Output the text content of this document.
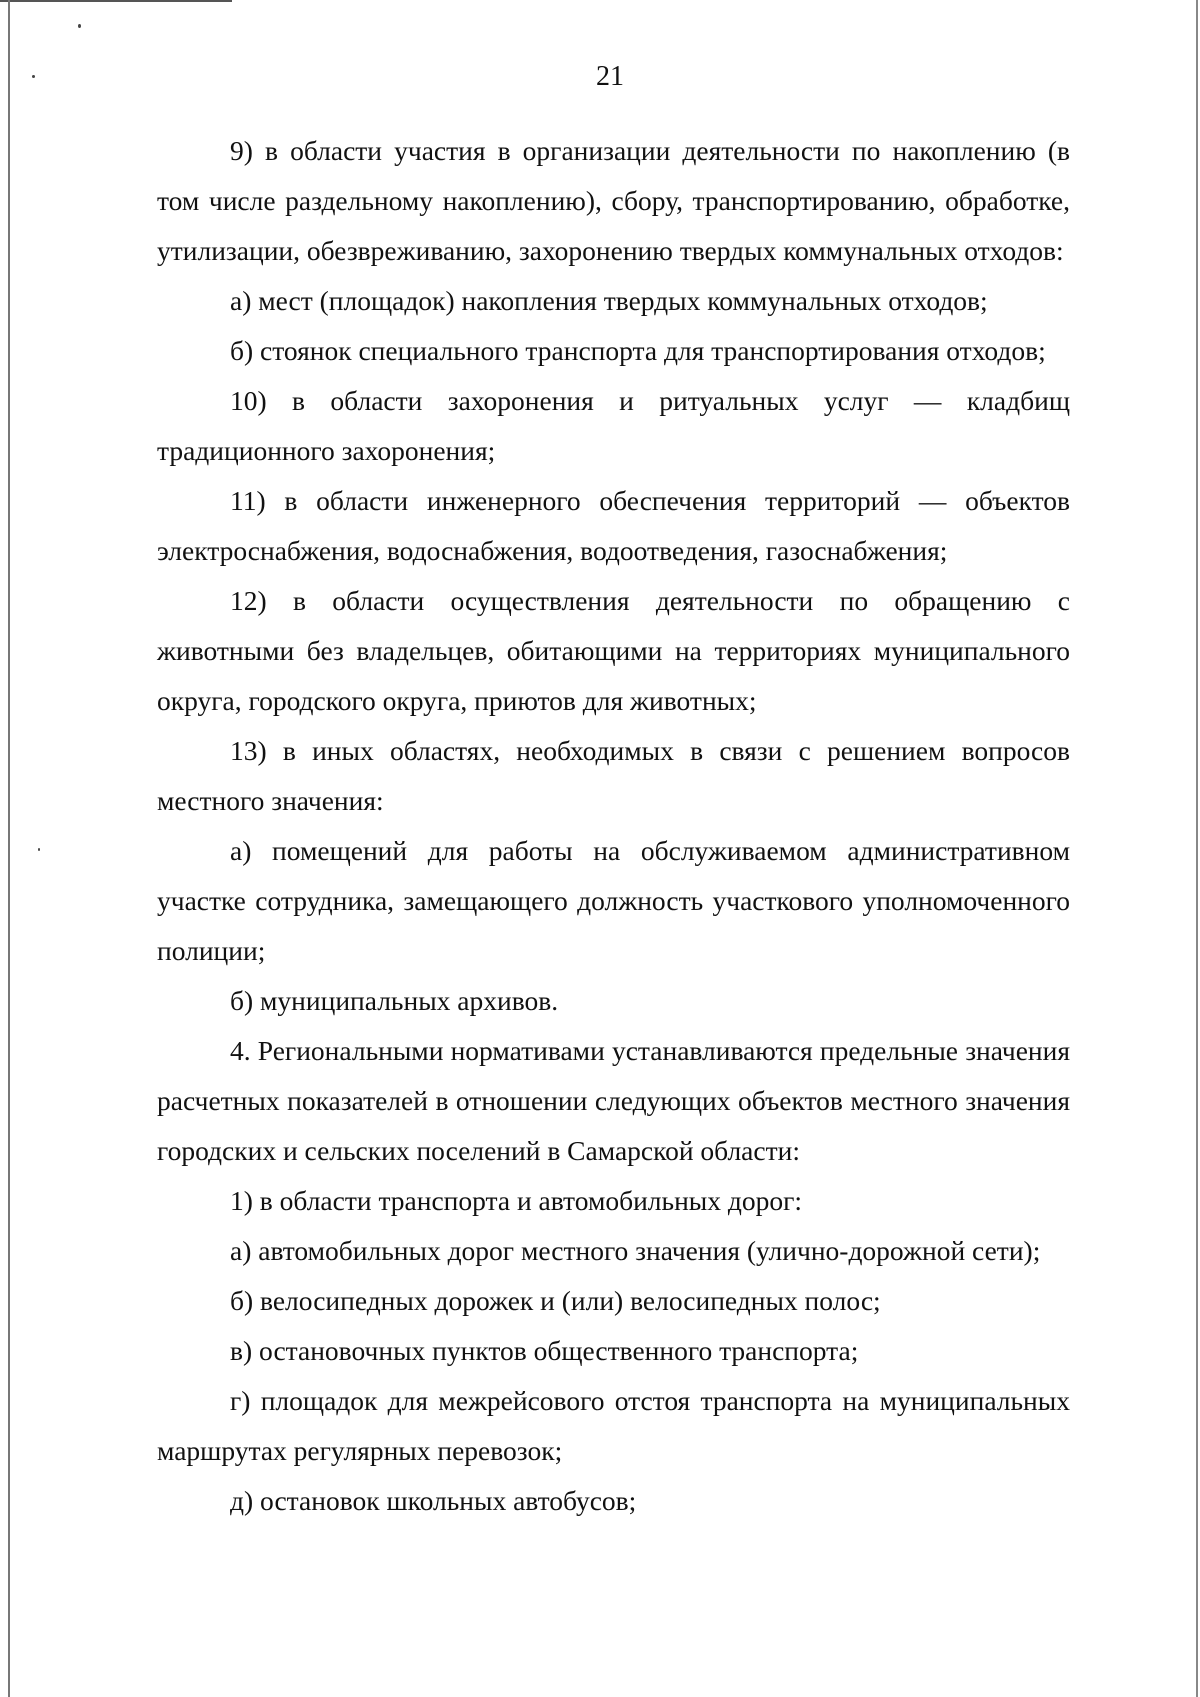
21

9) в области участия в организации деятельности по накоплению (в том числе раздельному накоплению), сбору, транспортированию, обработке, утилизации, обезвреживанию, захоронению твердых коммунальных отходов:

а) мест (площадок) накопления твердых коммунальных отходов;

б) стоянок специального транспорта для транспортирования отходов;

10) в области захоронения и ритуальных услуг — кладбищ традиционного захоронения;

11) в области инженерного обеспечения территорий — объектов электроснабжения, водоснабжения, водоотведения, газоснабжения;

12) в области осуществления деятельности по обращению с животными без владельцев, обитающими на территориях муниципального округа, городского округа, приютов для животных;

13) в иных областях, необходимых в связи с решением вопросов местного значения:

а) помещений для работы на обслуживаемом административном участке сотрудника, замещающего должность участкового уполномоченного полиции;

б) муниципальных архивов.

4. Региональными нормативами устанавливаются предельные значения расчетных показателей в отношении следующих объектов местного значения городских и сельских поселений в Самарской области:

1) в области транспорта и автомобильных дорог:

а) автомобильных дорог местного значения (улично-дорожной сети);

б) велосипедных дорожек и (или) велосипедных полос;

в) остановочных пунктов общественного транспорта;

г) площадок для межрейсового отстоя транспорта на муниципальных маршрутах регулярных перевозок;

д) остановок школьных автобусов;
